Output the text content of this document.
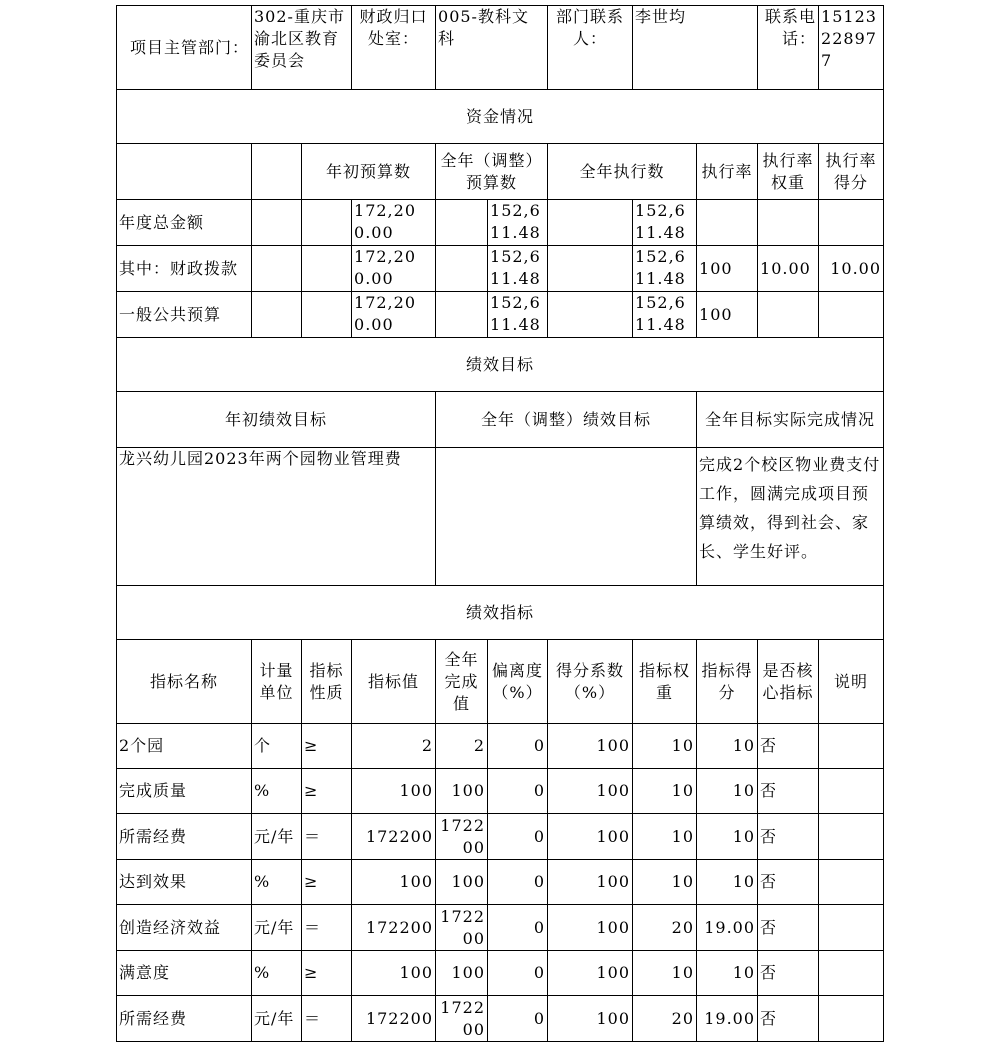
项目主管部门：	302-重庆市渝北区教育委员会		财政归口处室：	005-教科文科		部门联系人：	李世均		联系电话：	15123228977
资金情况										
		年初预算数		全年（调整）预算数		全年执行数		执行率	执行率权重	执行率得分
年度总金额			172,200.00		152,611.48		152,611.48			
其中：财政拨款			172,200.00		152,611.48		152,611.48	100	10.00	10.00
一般公共预算			172,200.00		152,611.48		152,611.48	100		
绩效目标										
年初绩效目标				全年（调整）绩效目标				全年目标实际完成情况		
龙兴幼儿园2023年两个园物业管理费								完成2个校区物业费支付工作，圆满完成项目预算绩效，得到社会、家长、学生好评。		
绩效指标										
指标名称	计量单位	指标性质	指标值	全年完成值	偏离度（%）	得分系数（%）	指标权重	指标得分	是否核心指标	说明
2个园	个	≥	2	2	0	100	10	10	否	
完成质量	%	≥	100	100	0	100	10	10	否	
所需经费	元/年	＝	172200	172200	0	100	10	10	否	
达到效果	%	≥	100	100	0	100	10	10	否	
创造经济效益	元/年	＝	172200	172200	0	100	20	19.00	否	
满意度	%	≥	100	100	0	100	10	10	否	
所需经费	元/年	＝	172200	172200	0	100	20	19.00	否	
